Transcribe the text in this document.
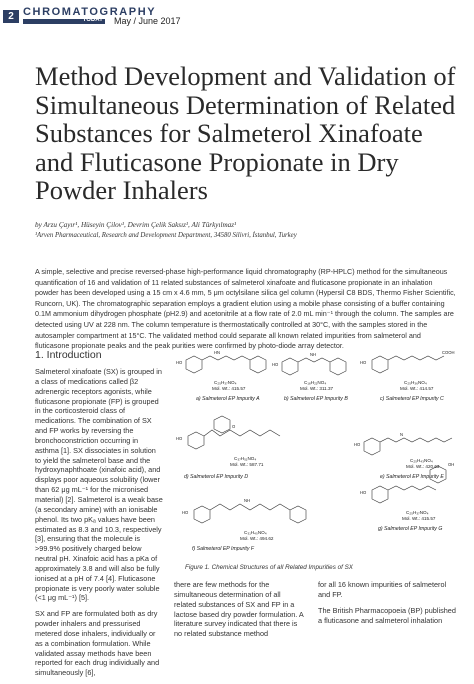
2 CHROMATOGRAPHY
TODAY May / June 2017
Method Development and Validation of Simultaneous Determination of Related Substances for Salmeterol Xinafoate and Fluticasone Propionate in Dry Powder Inhalers
by Arzu Çayır¹, Hüseyin Çilov¹, Devrim Çelik Saksız¹, Ali Türkyılmaz¹
¹Arven Pharmaceutical, Research and Development Department, 34580 Silivri, İstanbul, Turkey
A simple, selective and precise reversed-phase high-performance liquid chromatography (RP-HPLC) method for the simultaneous quantification of 16 and validation of 11 related substances of salmeterol xinafoate and fluticasone propionate in an inhalation powder has been developed using a 15 cm x 4.6 mm, 5 μm octylsilane silica gel column (Hypersil C8 BDS, Thermo Fisher Scientific, Runcorn, UK). The chromatographic separation employs a gradient elution using a mobile phase consisting of a buffer containing 0.1M ammonium dihydrogen phosphate (pH2.9) and acetonitrile at a flow rate of 2.0 mL min⁻¹ through the column. The samples are detected using UV at 228 nm. The column temperature is thermostatically controlled at 30°C, with the samples stored in the autosampler compartment at 15°C. The validated method could separate all known related impurities from salmeterol and fluticasone propionate peaks and the peak purities were confirmed by photo-diode array detector.
1. Introduction

Salmeterol xinafoate (SX) is grouped in a class of medications called β2 adrenergic receptors agonists, while fluticasone propionate (FP) is grouped in the corticosteroid class of medications. The combination of SX and FP works by reversing the bronchoconstriction occurring in asthma [1]. SX dissociates in solution to yield the salmeterol base and the hydroxynaphthoate (xinafoic acid), and displays poor aqueous solubility (lower than 62 μg mL⁻¹ for the micronised material) [2]. Salmeterol is a weak base (a secondary amine) with an ionisable phenol. Its two pKₐ values have been estimated as 8.3 and 10.3, respectively [3], ensuring that the molecule is >99.9% positively charged below neutral pH. Xinafoic acid has a pKa of approximately 3.8 and will also be fully ionised at a pH of 7.4 [4]. Fluticasone propionate is very poorly water soluble (<1 μg mL⁻¹) [5].

SX and FP are formulated both as dry powder inhalers and pressurised metered dose inhalers, individually or as a combination formulation. While validated assay methods have been reported for each drug individually and simultaneously [6],

HO
HN
HO
NH
HO
COOH
HO
O
HO
N
HO
NH
HO
OH
C₂₅H₃₇NO₄
Mol. Wt.: 415.57
a) Salmeterol EP Impurity A
C₁₈H₂₁NO₄
Mol. Wt.: 311.37
b) Salmeterol EP Impurity B
C₂₅H₃₆NO₄
Mol. Wt.: 414.57
c) Salmeterol EP Impurity C
C₃₇H₅₁NO₄
Mol. Wt.: 587.71
d) Salmeterol EP Impurity D
C₂₅H₄₃NO₄
Mol. Wt.: 420.63
e) Salmeterol EP Impurity E
C₃₁H₄₀NO₄
Mol. Wt.: 494.62
f) Salmeterol EP Impurity F
C₂₅H₃₇NO₄
Mol. Wt.: 415.57
g) Salmeterol EP Impurity G
Figure 1. Chemical Structures of all Related Impurities of SX

there are few methods for the simultaneous determination of all related substances of SX and FP in a lactose based dry powder formulation. A literature survey indicated that there is no related substance method

for all 16 known impurities of salmeterol and FP.

The British Pharmacopoeia (BP) published a fluticasone and salmeterol inhalation
